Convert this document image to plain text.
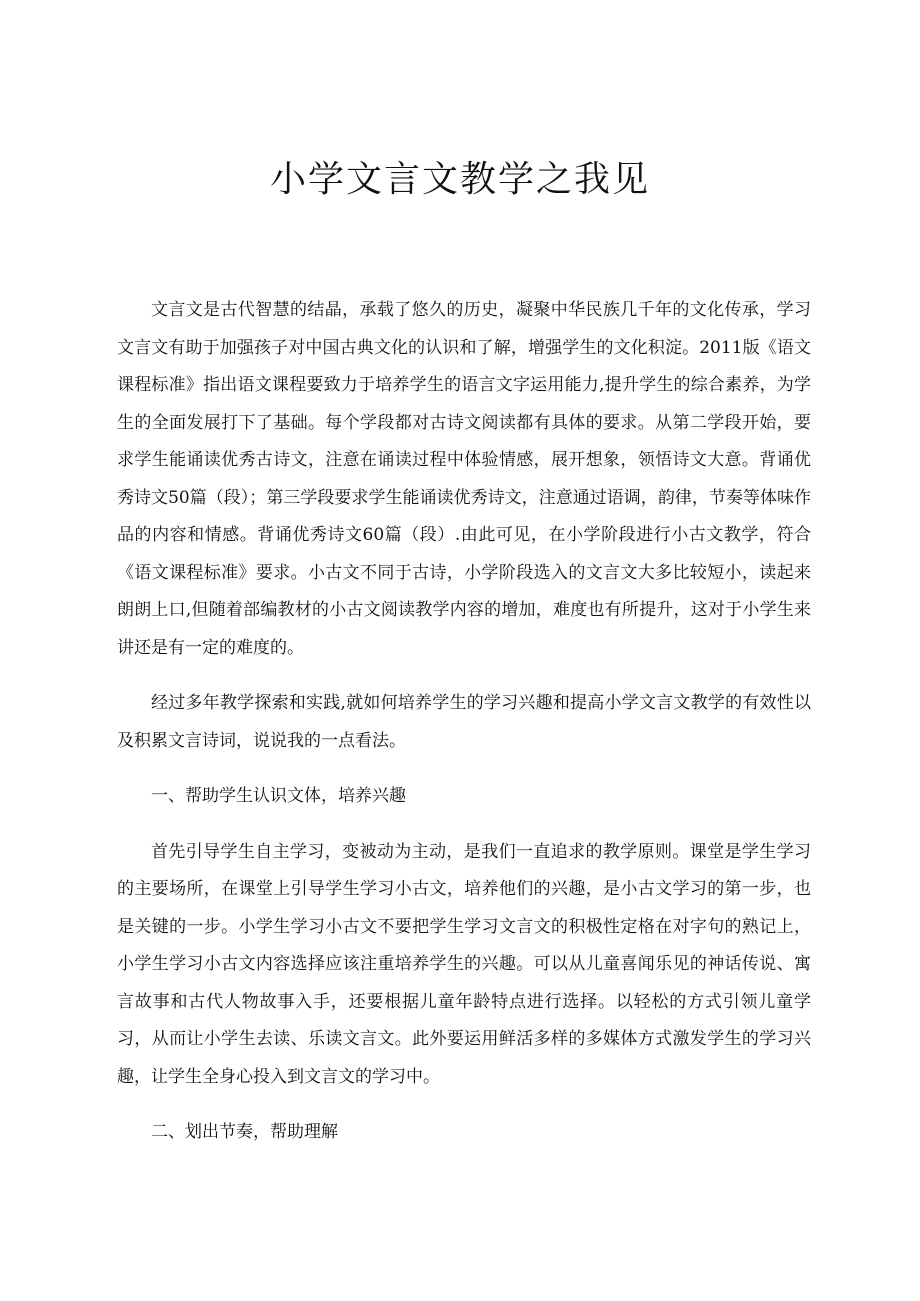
小学文言文教学之我见

文言文是古代智慧的结晶，承载了悠久的历史，凝聚中华民族几千年的文化传承，学习文言文有助于加强孩子对中国古典文化的认识和了解，增强学生的文化积淀。2011版《语文课程标准》指出语文课程要致力于培养学生的语言文字运用能力,提升学生的综合素养，为学生的全面发展打下了基础。每个学段都对古诗文阅读都有具体的要求。从第二学段开始，要求学生能诵读优秀古诗文，注意在诵读过程中体验情感，展开想象，领悟诗文大意。背诵优秀诗文50篇（段）；第三学段要求学生能诵读优秀诗文，注意通过语调，韵律，节奏等体味作品的内容和情感。背诵优秀诗文60篇（段）.由此可见，在小学阶段进行小古文教学，符合《语文课程标准》要求。小古文不同于古诗，小学阶段选入的文言文大多比较短小，读起来朗朗上口,但随着部编教材的小古文阅读教学内容的增加，难度也有所提升，这对于小学生来讲还是有一定的难度的。

经过多年教学探索和实践,就如何培养学生的学习兴趣和提高小学文言文教学的有效性以及积累文言诗词，说说我的一点看法。

一、帮助学生认识文体，培养兴趣

首先引导学生自主学习，变被动为主动，是我们一直追求的教学原则。课堂是学生学习的主要场所，在课堂上引导学生学习小古文，培养他们的兴趣，是小古文学习的第一步，也是关键的一步。小学生学习小古文不要把学生学习文言文的积极性定格在对字句的熟记上，小学生学习小古文内容选择应该注重培养学生的兴趣。可以从儿童喜闻乐见的神话传说、寓言故事和古代人物故事入手，还要根据儿童年龄特点进行选择。以轻松的方式引领儿童学习，从而让小学生去读、乐读文言文。此外要运用鲜活多样的多媒体方式激发学生的学习兴趣，让学生全身心投入到文言文的学习中。

二、划出节奏，帮助理解
